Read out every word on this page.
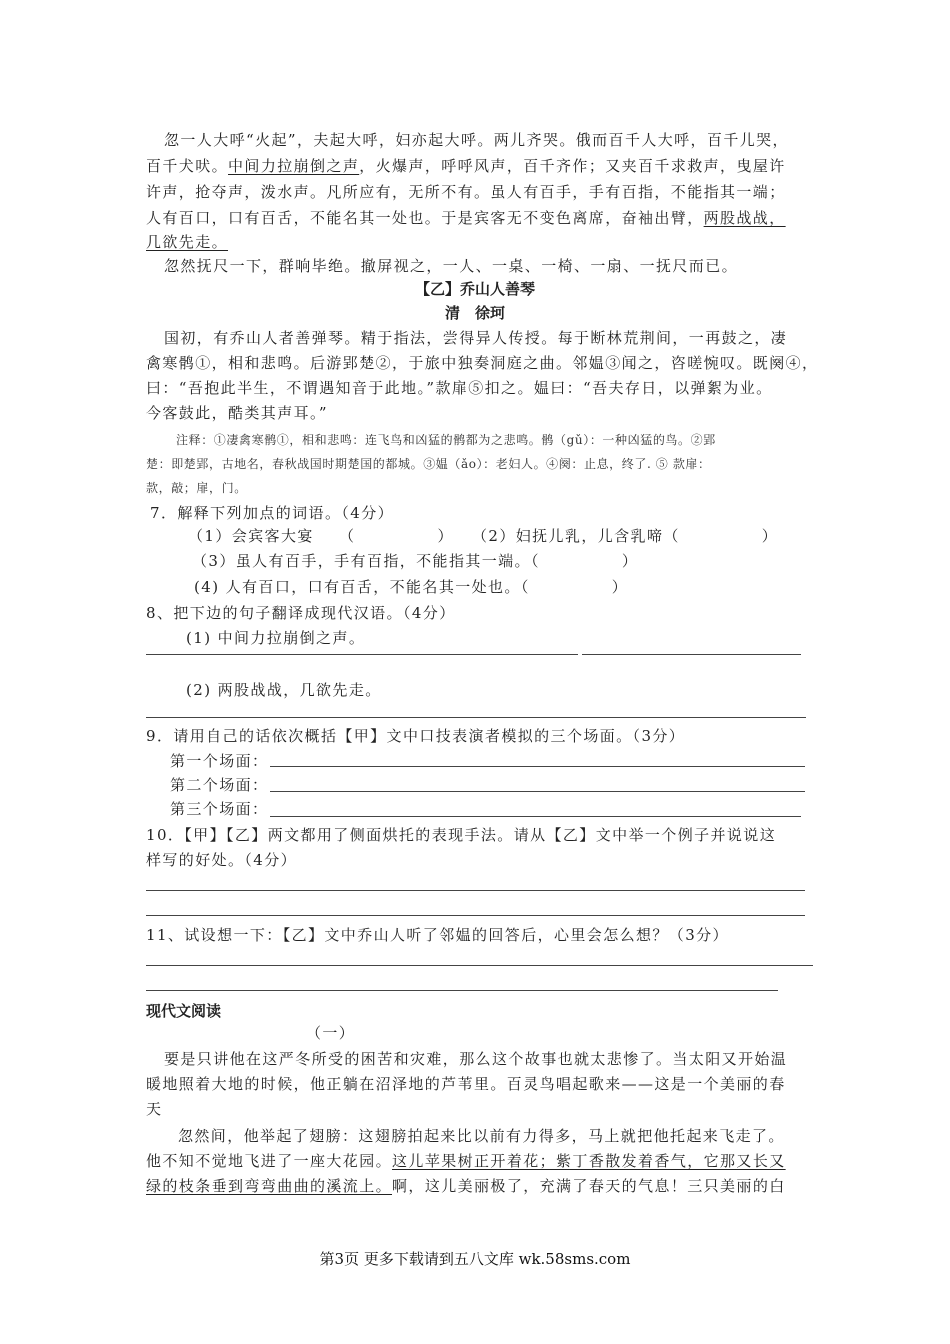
忽一人大呼“火起”，夫起大呼，妇亦起大呼。两儿齐哭。俄而百千人大呼，百千儿哭，
百千犬吠。中间力拉崩倒之声，火爆声，呼呼风声，百千齐作；又夹百千求救声，曳屋许
许声，抢夺声，泼水声。凡所应有，无所不有。虽人有百手，手有百指，不能指其一端；
人有百口，口有百舌，不能名其一处也。于是宾客无不变色离席，奋袖出臂，两股战战，
几欲先走。
忽然抚尺一下，群响毕绝。撤屏视之，一人、一桌、一椅、一扇、一抚尺而已。
【乙】乔山人善琴
清　徐珂
国初，有乔山人者善弹琴。精于指法，尝得异人传授。每于断林荒荆间，一再鼓之，凄
禽寒鹘①，相和悲鸣。后游郢楚②，于旅中独奏洞庭之曲。邻媪③闻之，咨嗟惋叹。既阕④，
曰：“吾抱此半生，不谓遇知音于此地。”款扉⑤扣之。媪曰：“吾夫存日，以弹絮为业。
今客鼓此，酷类其声耳。”
注释：①凄禽寒鹘①，相和悲鸣：连飞鸟和凶猛的鹘都为之悲鸣。鹘（gǔ）：一种凶猛的鸟。②郢
楚：即楚郢，古地名，春秋战国时期楚国的都城。③媪（ǎo）：老妇人。④阕：止息，终了. ⑤ 款扉：
款，敲；扉，门。
7．解释下列加点的词语。（4分）
（1）会宾客大宴　　（　　　　　） （2）妇抚儿乳，儿含乳啼（　　　　　）
（3）虽人有百手，手有百指，不能指其一端。（　　　　　）
(4) 人有百口，口有百舌，不能名其一处也。（　　　　　）
8、把下边的句子翻译成现代汉语。（4分）
(1) 中间力拉崩倒之声。
(2) 两股战战，几欲先走。
9．请用自己的话依次概括【甲】文中口技表演者模拟的三个场面。（3分）
第一个场面：
第二个场面：
第三个场面：
10．【甲】【乙】两文都用了侧面烘托的表现手法。请从【乙】文中举一个例子并说说这
样写的好处。（4分）
11、试设想一下：【乙】文中乔山人听了邻媪的回答后，心里会怎么想？（3分）
现代文阅读
（一）
要是只讲他在这严冬所受的困苦和灾难，那么这个故事也就太悲惨了。当太阳又开始温
暖地照着大地的时候，他正躺在沼泽地的芦苇里。百灵鸟唱起歌来——这是一个美丽的春
天
忽然间，他举起了翅膀：这翅膀拍起来比以前有力得多，马上就把他托起来飞走了。
他不知不觉地飞进了一座大花园。这儿苹果树正开着花；紫丁香散发着香气，它那又长又
绿的枝条垂到弯弯曲曲的溪流上。啊，这儿美丽极了，充满了春天的气息！三只美丽的白
第3页 更多下载请到五八文库 wk.58sms.com
